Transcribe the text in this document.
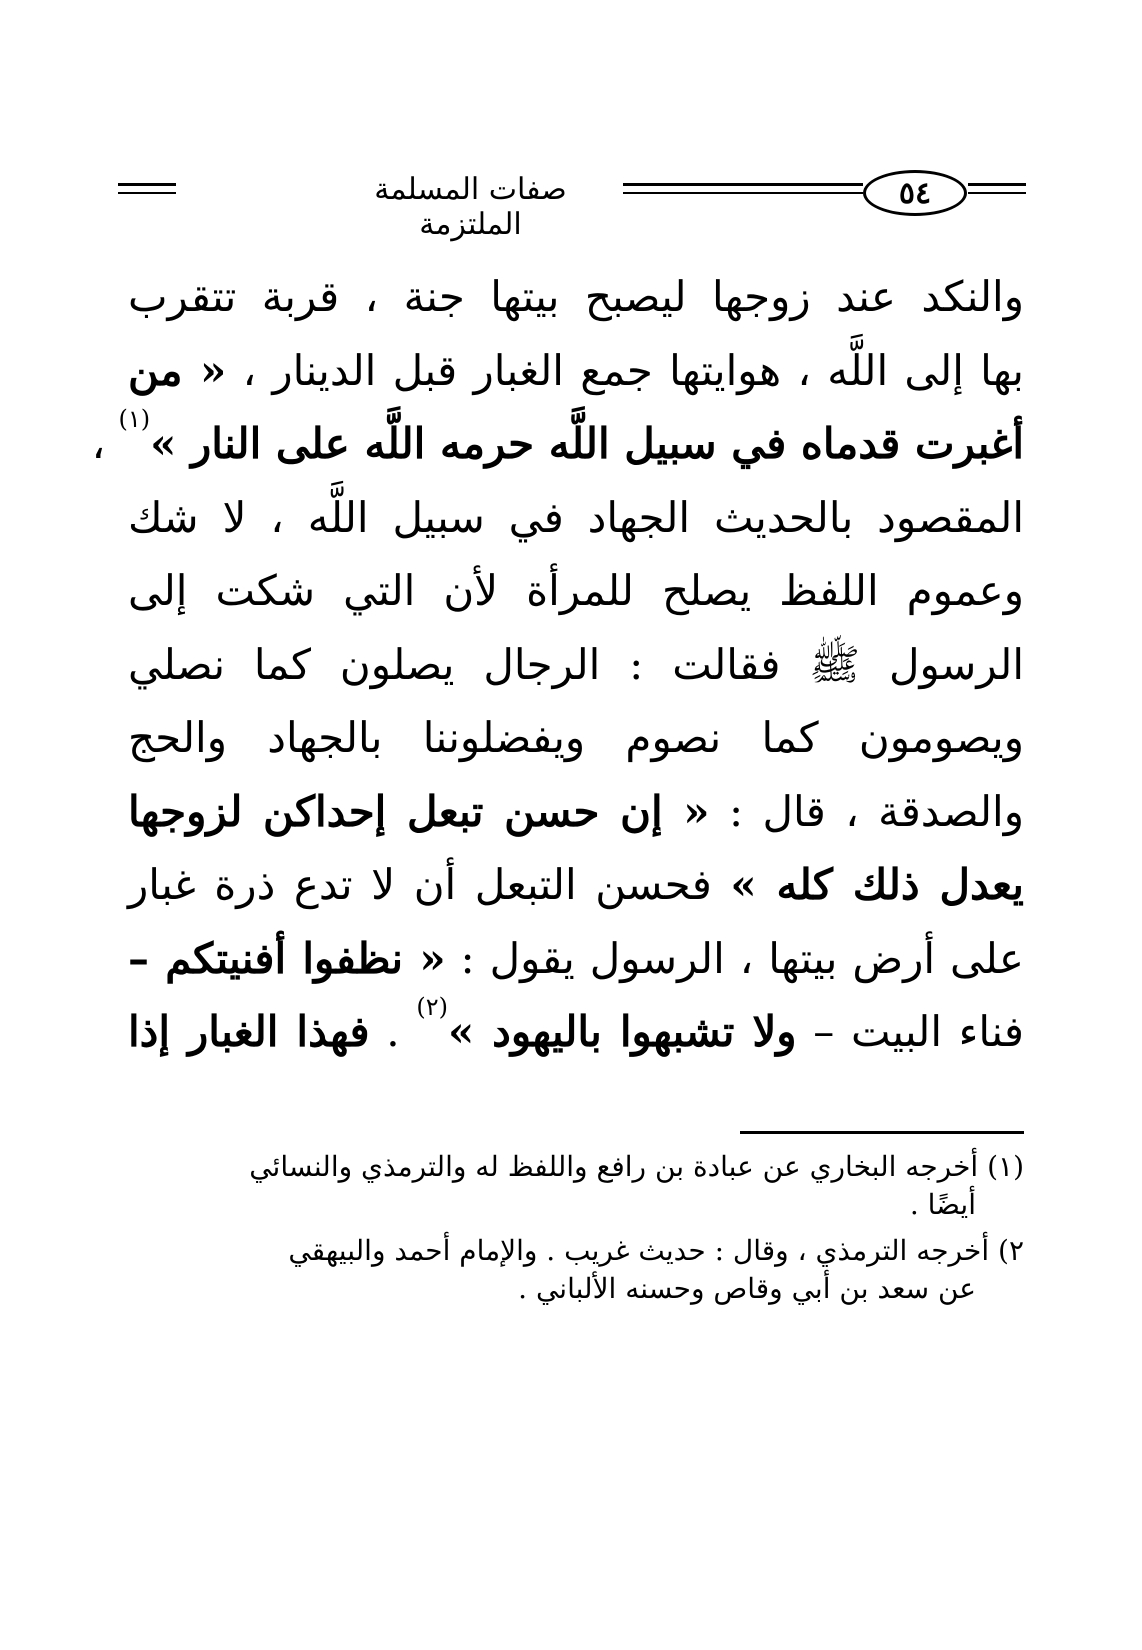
٥٤
صفات المسلمة الملتزمة
والنكد عند زوجها ليصبح بيتها جنة ، قربة تتقرب
بها إلى اللَّه ، هوايتها جمع الغبار قبل الدينار ، « من
أغبرت قدماه في سبيل اللَّه حرمه اللَّه على النار »$^{(١)}$ ،
المقصود بالحديث الجهاد في سبيل اللَّه ، لا شك
وعموم اللفظ يصلح للمرأة لأن التي شكت إلى
الرسول ﷺ فقالت : الرجال يصلون كما نصلي
ويصومون كما نصوم ويفضلوننا بالجهاد والحج
والصدقة ، قال : « إن حسن تبعل إحداكن لزوجها
يعدل ذلك كله » فحسن التبعل أن لا تدع ذرة غبار
على أرض بيتها ، الرسول يقول : « نظفوا أفنيتكم –
فناء البيت – ولا تشبهوا باليهود »$^{(٢)}$ . فهذا الغبار إذا
(١) أخرجه البخاري عن عبادة بن رافع واللفظ له والترمذي والنسائي
أيضًا .
٢) أخرجه الترمذي ، وقال : حديث غريب . والإمام أحمد والبيهقي
عن سعد بن أبي وقاص وحسنه الألباني .
